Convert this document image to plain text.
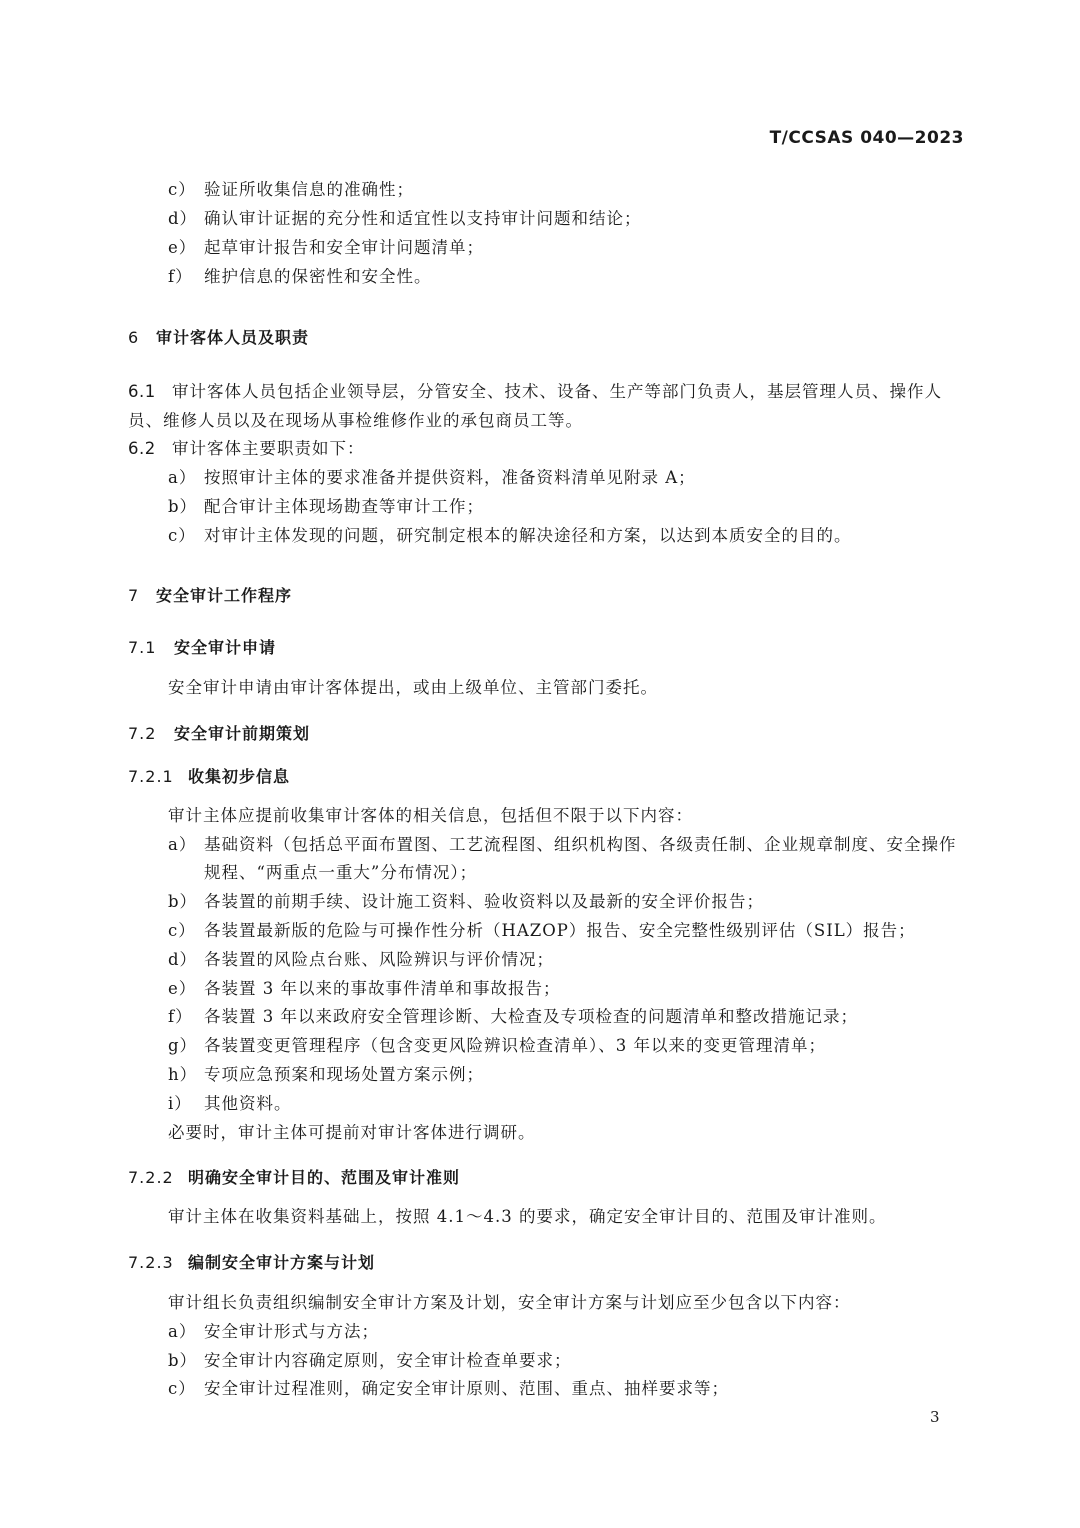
T/CCSAS 040—2023
c） 验证所收集信息的准确性；
d） 确认审计证据的充分性和适宜性以支持审计问题和结论；
e） 起草审计报告和安全审计问题清单；
f） 维护信息的保密性和安全性。
6 审计客体人员及职责
6.1 审计客体人员包括企业领导层，分管安全、技术、设备、生产等部门负责人，基层管理人员、操作人
员、维修人员以及在现场从事检维修作业的承包商员工等。
6.2 审计客体主要职责如下：
a） 按照审计主体的要求准备并提供资料，准备资料清单见附录 A；
b） 配合审计主体现场勘查等审计工作；
c） 对审计主体发现的问题，研究制定根本的解决途径和方案，以达到本质安全的目的。
7 安全审计工作程序
7.1 安全审计申请
安全审计申请由审计客体提出，或由上级单位、主管部门委托。
7.2 安全审计前期策划
7.2.1 收集初步信息
审计主体应提前收集审计客体的相关信息，包括但不限于以下内容：
a） 基础资料（包括总平面布置图、工艺流程图、组织机构图、各级责任制、企业规章制度、安全操作
规程、“两重点一重大”分布情况）；
b） 各装置的前期手续、设计施工资料、验收资料以及最新的安全评价报告；
c） 各装置最新版的危险与可操作性分析（HAZOP）报告、安全完整性级别评估（SIL）报告；
d） 各装置的风险点台账、风险辨识与评价情况；
e） 各装置 3 年以来的事故事件清单和事故报告；
f） 各装置 3 年以来政府安全管理诊断、大检查及专项检查的问题清单和整改措施记录；
g） 各装置变更管理程序（包含变更风险辨识检查清单）、3 年以来的变更管理清单；
h） 专项应急预案和现场处置方案示例；
i） 其他资料。
必要时，审计主体可提前对审计客体进行调研。
7.2.2 明确安全审计目的、范围及审计准则
审计主体在收集资料基础上，按照 4.1～4.3 的要求，确定安全审计目的、范围及审计准则。
7.2.3 编制安全审计方案与计划
审计组长负责组织编制安全审计方案及计划，安全审计方案与计划应至少包含以下内容：
a） 安全审计形式与方法；
b） 安全审计内容确定原则，安全审计检查单要求；
c） 安全审计过程准则，确定安全审计原则、范围、重点、抽样要求等；
3
